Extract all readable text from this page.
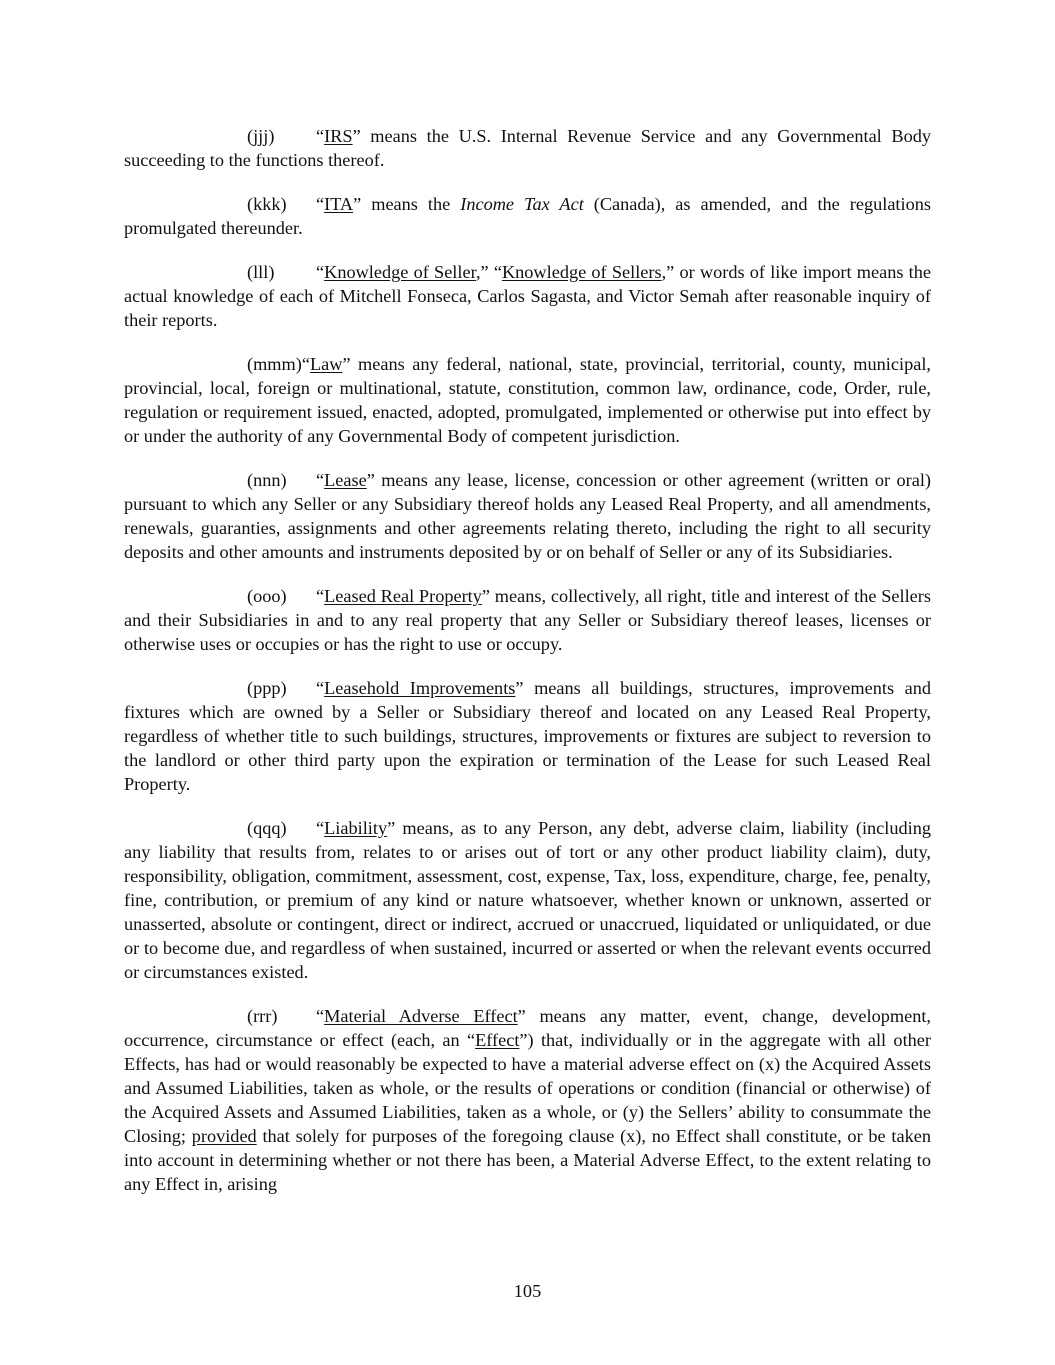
(jjj) “IRS” means the U.S. Internal Revenue Service and any Governmental Body succeeding to the functions thereof.

(kkk) “ITA” means the Income Tax Act (Canada), as amended, and the regulations promulgated thereunder.

(lll) “Knowledge of Seller,” “Knowledge of Sellers,” or words of like import means the actual knowledge of each of Mitchell Fonseca, Carlos Sagasta, and Victor Semah after reasonable inquiry of their reports.

(mmm)“Law” means any federal, national, state, provincial, territorial, county, municipal, provincial, local, foreign or multinational, statute, constitution, common law, ordinance, code, Order, rule, regulation or requirement issued, enacted, adopted, promulgated, implemented or otherwise put into effect by or under the authority of any Governmental Body of competent jurisdiction.

(nnn) “Lease” means any lease, license, concession or other agreement (written or oral) pursuant to which any Seller or any Subsidiary thereof holds any Leased Real Property, and all amendments, renewals, guaranties, assignments and other agreements relating thereto, including the right to all security deposits and other amounts and instruments deposited by or on behalf of Seller or any of its Subsidiaries.

(ooo) “Leased Real Property” means, collectively, all right, title and interest of the Sellers and their Subsidiaries in and to any real property that any Seller or Subsidiary thereof leases, licenses or otherwise uses or occupies or has the right to use or occupy.

(ppp) “Leasehold Improvements” means all buildings, structures, improvements and fixtures which are owned by a Seller or Subsidiary thereof and located on any Leased Real Property, regardless of whether title to such buildings, structures, improvements or fixtures are subject to reversion to the landlord or other third party upon the expiration or termination of the Lease for such Leased Real Property.

(qqq) “Liability” means, as to any Person, any debt, adverse claim, liability (including any liability that results from, relates to or arises out of tort or any other product liability claim), duty, responsibility, obligation, commitment, assessment, cost, expense, Tax, loss, expenditure, charge, fee, penalty, fine, contribution, or premium of any kind or nature whatsoever, whether known or unknown, asserted or unasserted, absolute or contingent, direct or indirect, accrued or unaccrued, liquidated or unliquidated, or due or to become due, and regardless of when sustained, incurred or asserted or when the relevant events occurred or circumstances existed.

(rrr) “Material Adverse Effect” means any matter, event, change, development, occurrence, circumstance or effect (each, an “Effect”) that, individually or in the aggregate with all other Effects, has had or would reasonably be expected to have a material adverse effect on (x) the Acquired Assets and Assumed Liabilities, taken as whole, or the results of operations or condition (financial or otherwise) of the Acquired Assets and Assumed Liabilities, taken as a whole, or (y) the Sellers’ ability to consummate the Closing; provided that solely for purposes of the foregoing clause (x), no Effect shall constitute, or be taken into account in determining whether or not there has been, a Material Adverse Effect, to the extent relating to any Effect in, arising

105
